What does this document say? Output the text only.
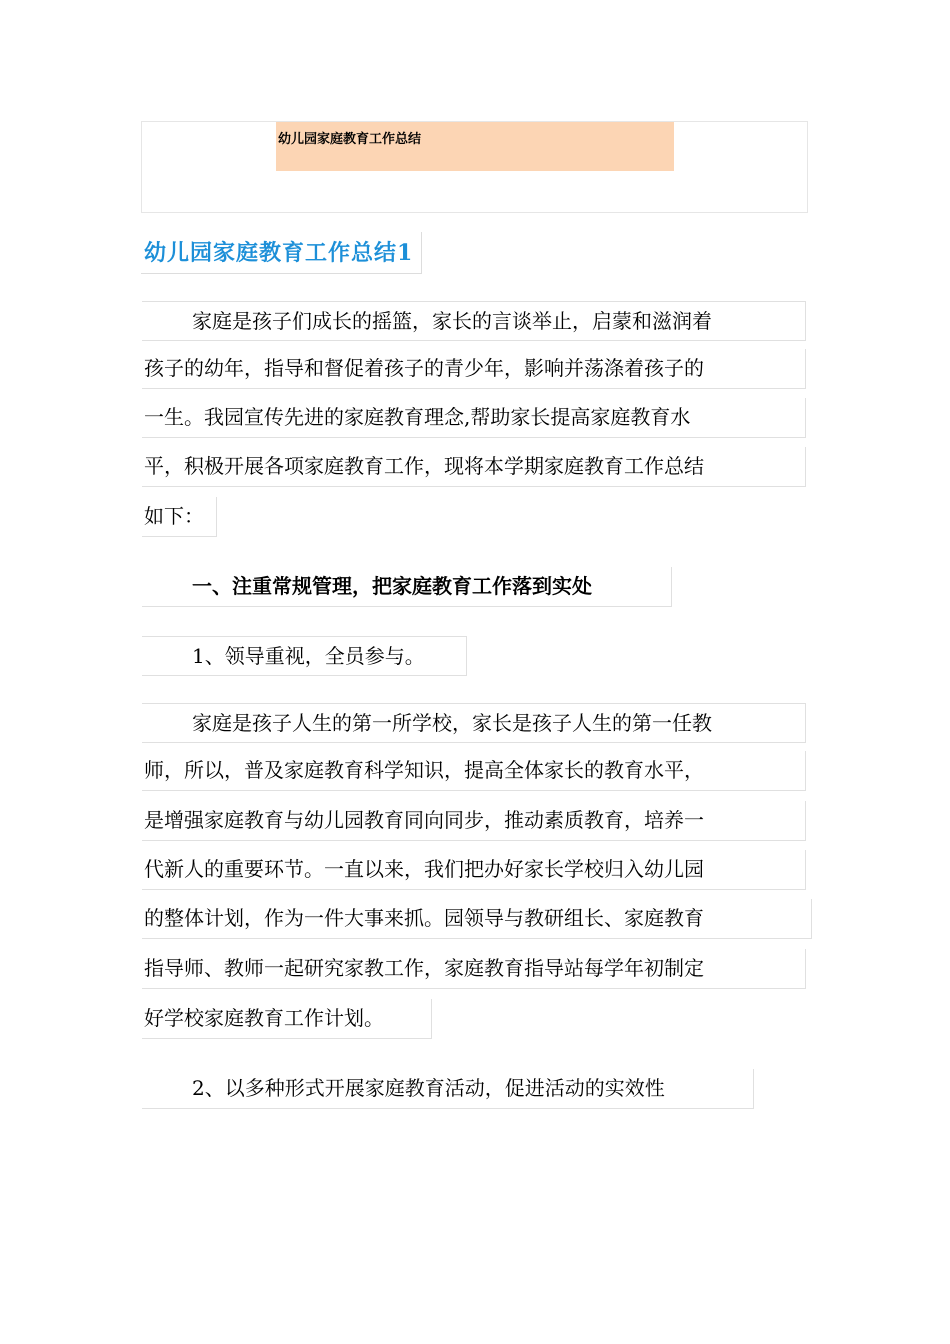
幼儿园家庭教育工作总结
幼儿园家庭教育工作总结1
家庭是孩子们成长的摇篮，家长的言谈举止，启蒙和滋润着
孩子的幼年，指导和督促着孩子的青少年，影响并荡涤着孩子的
一生。我园宣传先进的家庭教育理念,帮助家长提高家庭教育水
平，积极开展各项家庭教育工作，现将本学期家庭教育工作总结
如下：
一、注重常规管理，把家庭教育工作落到实处
1、领导重视，全员参与。
家庭是孩子人生的第一所学校，家长是孩子人生的第一任教
师，所以，普及家庭教育科学知识，提高全体家长的教育水平，
是增强家庭教育与幼儿园教育同向同步，推动素质教育，培养一
代新人的重要环节。一直以来，我们把办好家长学校归入幼儿园
的整体计划，作为一件大事来抓。园领导与教研组长、家庭教育
指导师、教师一起研究家教工作，家庭教育指导站每学年初制定
好学校家庭教育工作计划。
2、以多种形式开展家庭教育活动，促进活动的实效性
